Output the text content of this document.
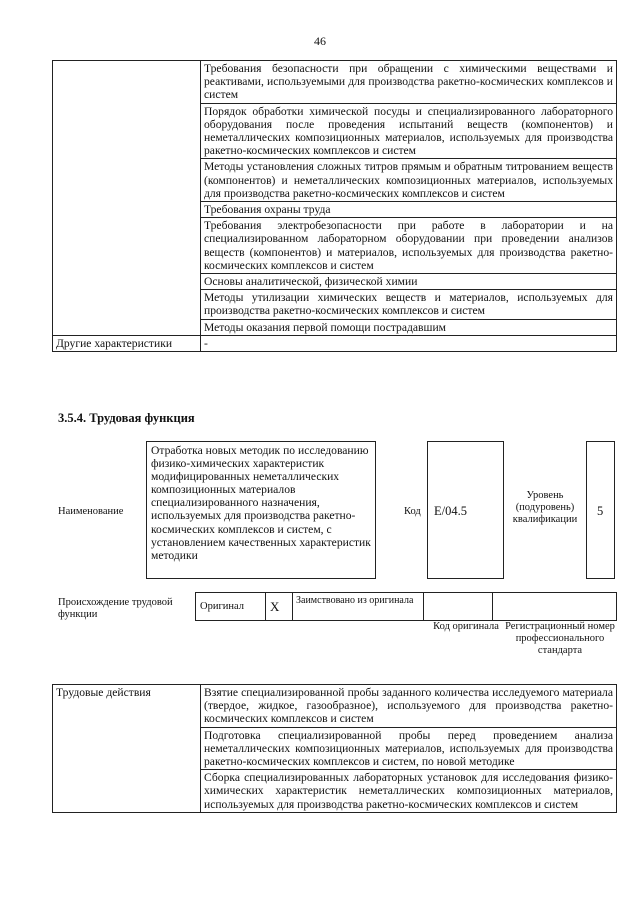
46
	Требования безопасности при обращении с химическими веществами и реактивами, используемыми для производства ракетно-космических комплексов и систем
	Порядок обработки химической посуды и специализированного лабораторного оборудования после проведения испытаний веществ (компонентов) и неметаллических композиционных материалов, используемых для производства ракетно-космических комплексов и систем
	Методы установления сложных титров прямым и обратным титрованием веществ (компонентов) и неметаллических композиционных материалов, используемых для производства ракетно-космических комплексов и систем
	Требования охраны труда
	Требования электробезопасности при работе в лаборатории и на специализированном лабораторном оборудовании при проведении анализов веществ (компонентов) и материалов, используемых для производства ракетно-космических комплексов и систем
	Основы аналитической, физической химии
	Методы утилизации химических веществ и материалов, используемых для производства ракетно-космических комплексов и систем
	Методы оказания первой помощи пострадавшим
Другие характеристики	-
3.5.4. Трудовая функция
Наименование
Отработка новых методик по исследованию физико-химических характеристик модифицированных неметаллических композиционных материалов специализированного назначения, используемых для производства ракетно-космических комплексов и систем, с установлением качественных характеристик методики
Код	E/04.5
Уровень (подуровень) квалификации
5
Происхождение трудовой функции
Оригинал	X	Заимствовано из оригинала		
Код оригинала Регистрационный номер профессионального стандарта
Трудовые действия	Взятие специализированной пробы заданного количества исследуемого материала (твердое, жидкое, газообразное), используемого для производства ракетно-космических комплексов и систем
Подготовка специализированной пробы перед проведением анализа неметаллических композиционных материалов, используемых для производства ракетно-космических комплексов и систем, по новой методике
Сборка специализированных лабораторных установок для исследования физико-химических характеристик неметаллических композиционных материалов, используемых для производства ракетно-космических комплексов и систем
